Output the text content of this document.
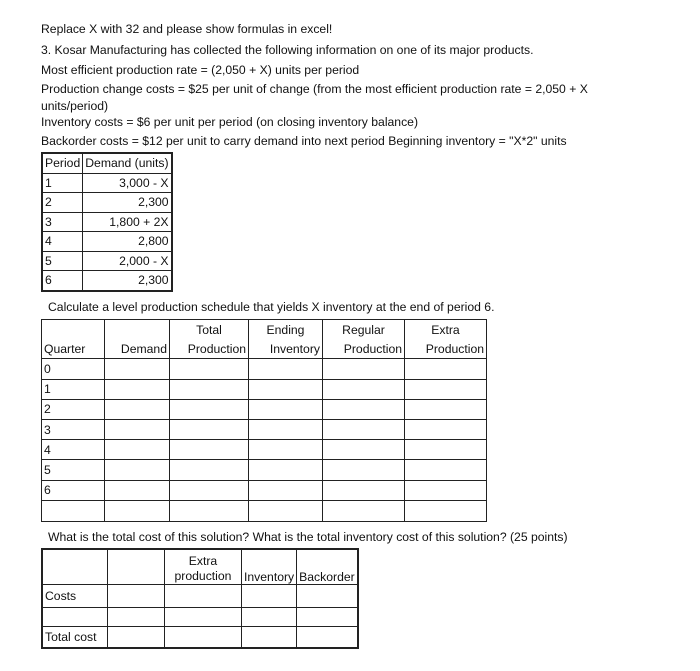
Replace X with 32 and please show formulas in excel!
3. Kosar Manufacturing has collected the following information on one of its major products.
Most efficient production rate = (2,050 + X) units per period
Production change costs = $25 per unit of change (from the most efficient production rate = 2,050 + X units/period)
Inventory costs = $6 per unit per period (on closing inventory balance)
Backorder costs = $12 per unit to carry demand into next period Beginning inventory = "X*2" units
Period	Demand (units)
1	3,000 - X
2	2,300
3	1,800 + 2X
4	2,800
5	2,000 - X
6	2,300
Calculate a level production schedule that yields X inventory at the end of period 6.
		Total	Ending	Regular	Extra
Quarter	Demand	Production	Inventory	Production	Production
0					
1					
2					
3					
4					
5					
6					

What is the total cost of this solution? What is the total inventory cost of this solution? (25 points)
		Extra production	Inventory	Backorder
Costs				

Total cost				
